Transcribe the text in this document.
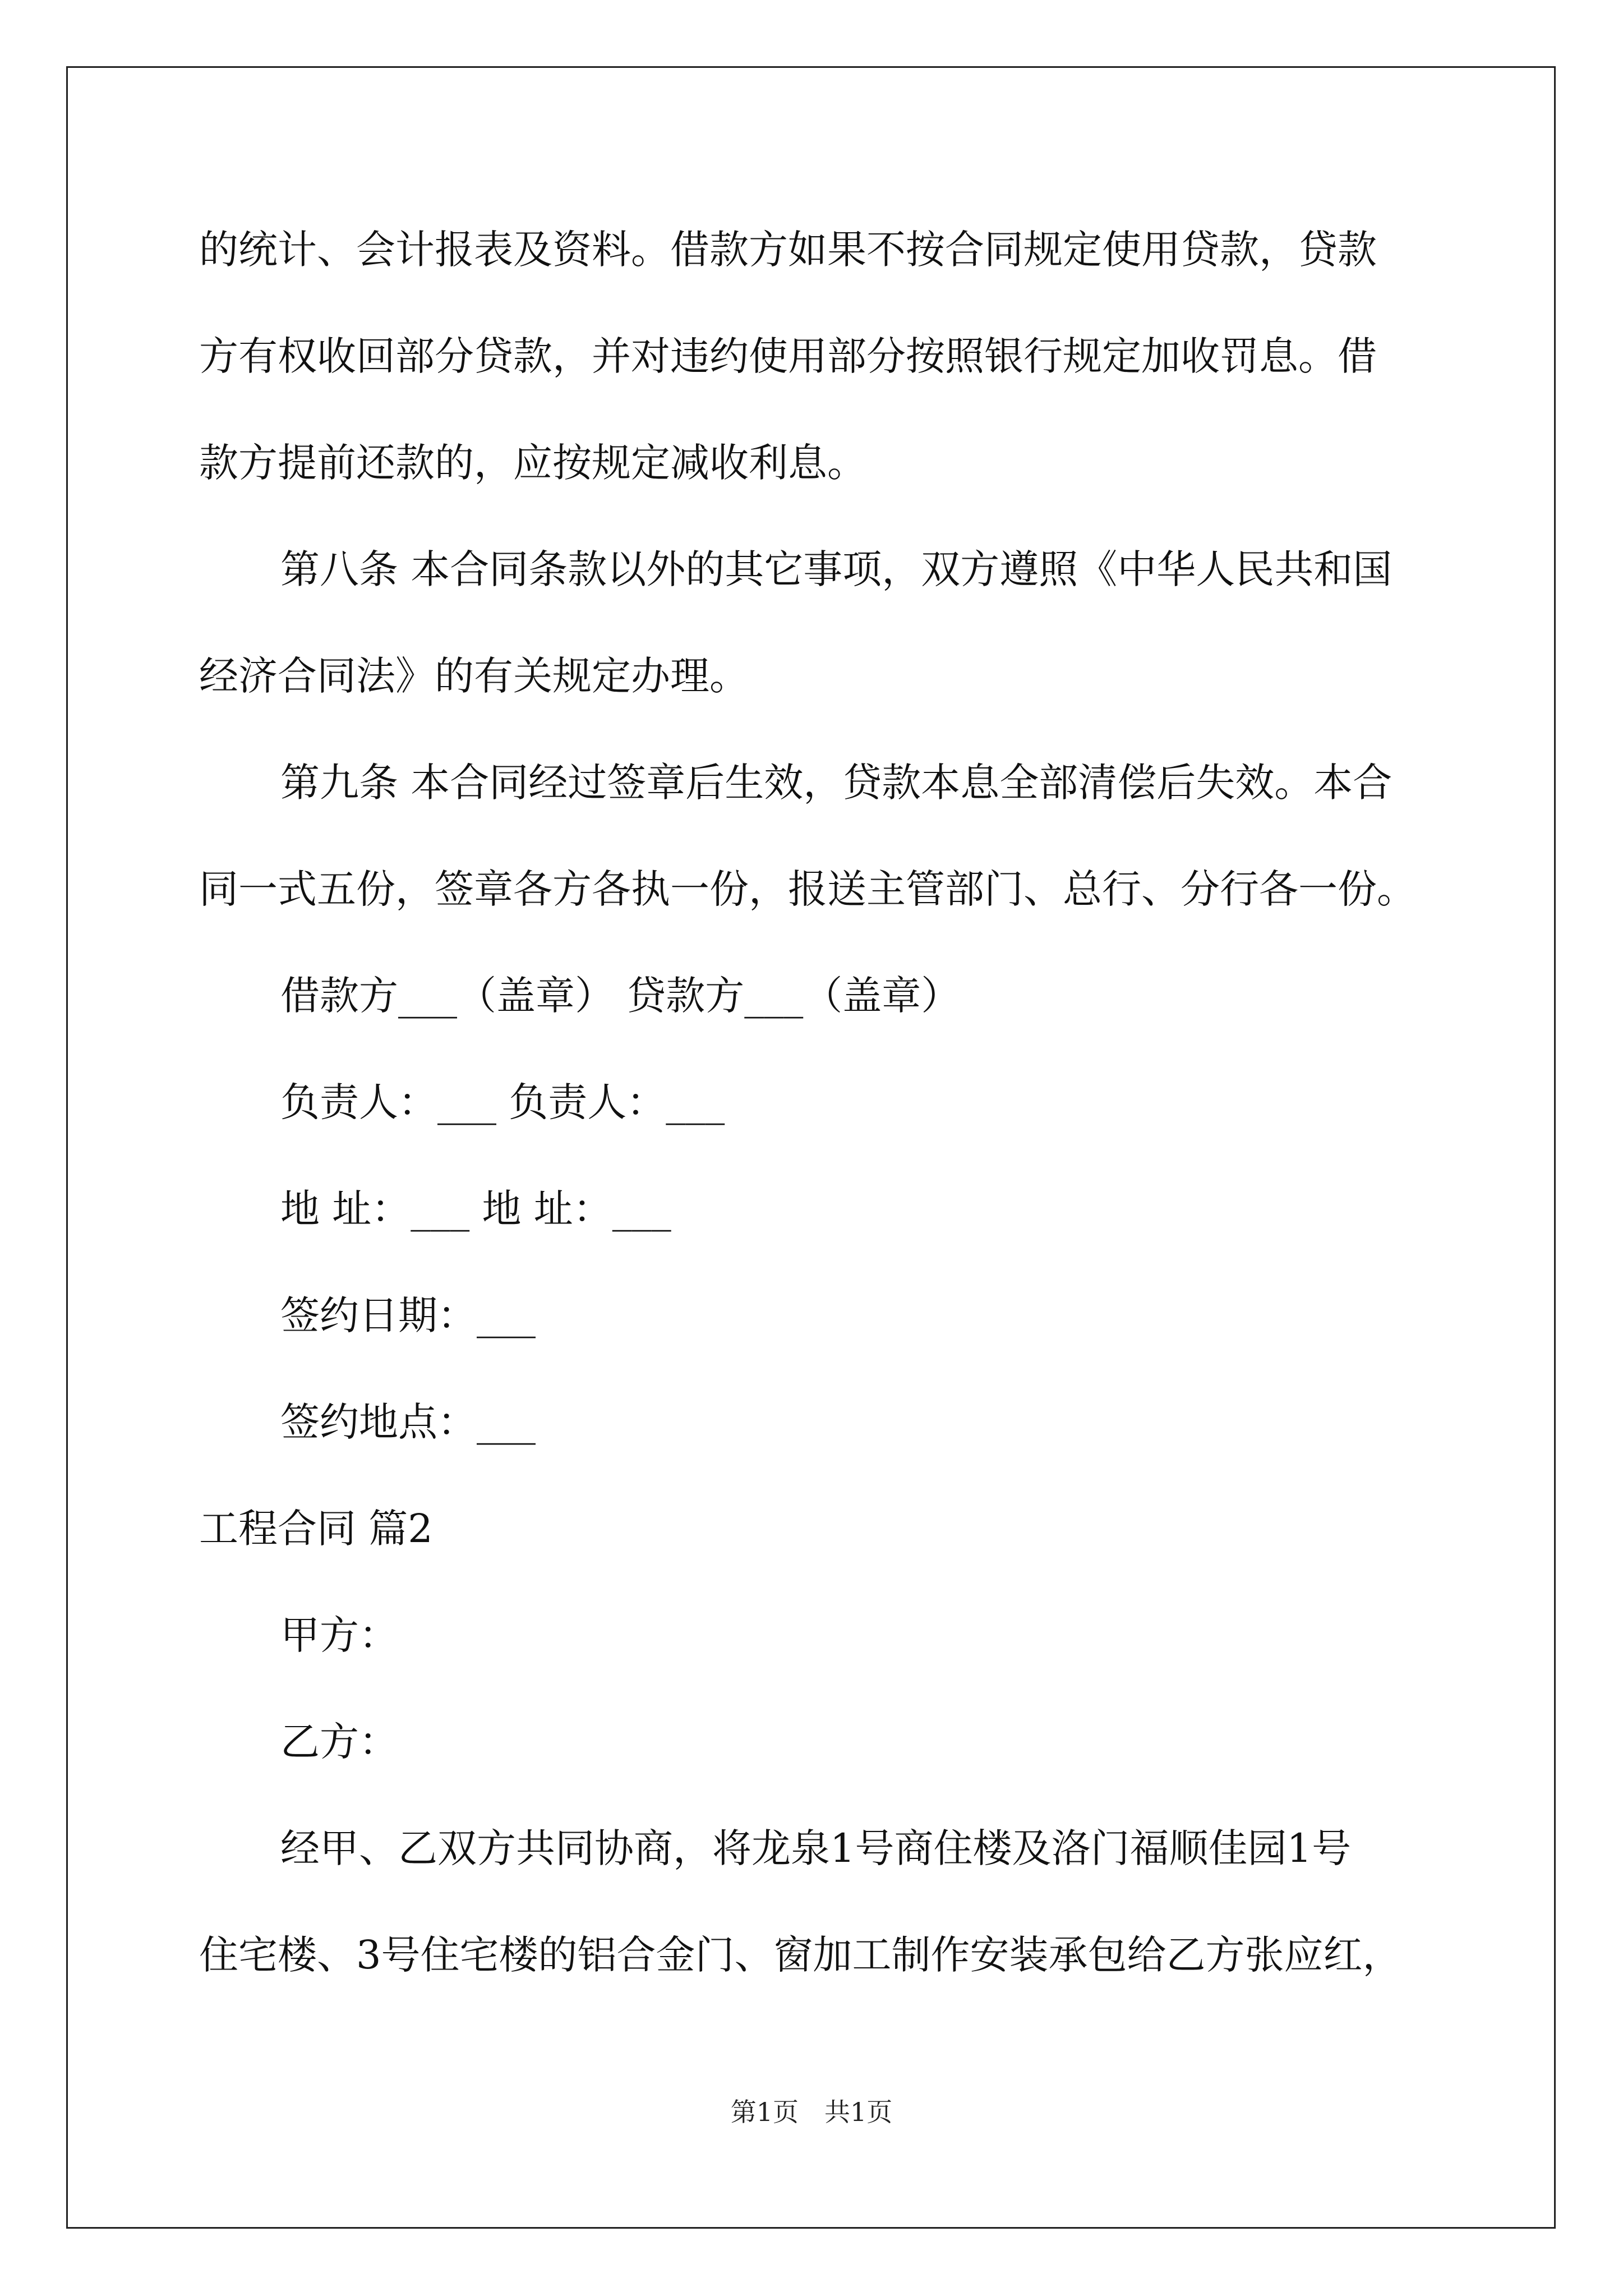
的统计、会计报表及资料。借款方如果不按合同规定使用贷款，贷款
方有权收回部分贷款，并对违约使用部分按照银行规定加收罚息。借
款方提前还款的，应按规定减收利息。
第八条 本合同条款以外的其它事项，双方遵照《中华人民共和国
经济合同法》的有关规定办理。
第九条 本合同经过签章后生效，贷款本息全部清偿后失效。本合
同一式五份，签章各方各执一份，报送主管部门、总行、分行各一份。
借款方___（盖章） 贷款方___（盖章）
负责人：___ 负责人：___
地 址：___ 地 址：___
签约日期：___
签约地点：___
工程合同 篇2
甲方：
乙方：
经甲、乙双方共同协商，将龙泉1号商住楼及洛门福顺佳园1号
住宅楼、3号住宅楼的铝合金门、窗加工制作安装承包给乙方张应红，
第1页　共1页
